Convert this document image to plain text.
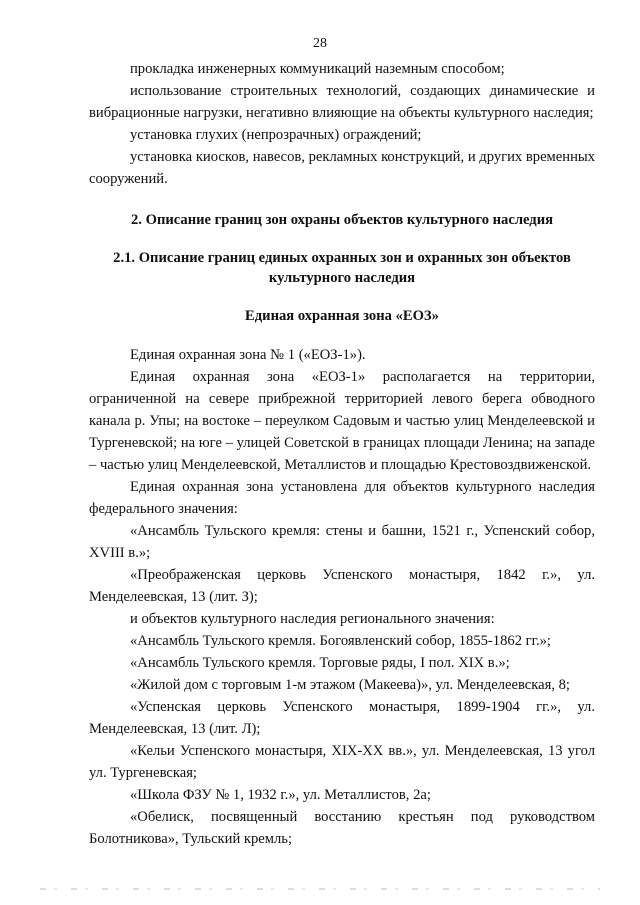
28

прокладка инженерных коммуникаций наземным способом;

использование строительных технологий, создающих динамические и вибрационные нагрузки, негативно влияющие на объекты культурного наследия;

установка глухих (непрозрачных) ограждений;

установка киосков, навесов, рекламных конструкций, и других временных сооружений.

2. Описание границ зон охраны объектов культурного наследия
2.1. Описание границ единых охранных зон и охранных зон объектов культурного наследия
Единая охранная зона «ЕОЗ»

Единая охранная зона № 1 («ЕОЗ-1»).

Единая охранная зона «ЕОЗ-1» располагается на территории, ограниченной на севере прибрежной территорией левого берега обводного канала р. Упы; на востоке – переулком Садовым и частью улиц Менделеевской и Тургеневской; на юге – улицей Советской в границах площади Ленина; на западе – частью улиц Менделеевской, Металлистов и площадью Крестовоздвиженской.

Единая охранная зона установлена для объектов культурного наследия федерального значения:

«Ансамбль Тульского кремля: стены и башни, 1521 г., Успенский собор, XVIII в.»;

«Преображенская церковь Успенского монастыря, 1842 г.», ул. Менделеевская, 13 (лит. З);

и объектов культурного наследия регионального значения:

«Ансамбль Тульского кремля. Богоявленский собор, 1855-1862 гг.»;

«Ансамбль Тульского кремля. Торговые ряды, I пол. XIX в.»;

«Жилой дом с торговым 1-м этажом (Макеева)», ул. Менделеевская, 8;

«Успенская церковь Успенского монастыря, 1899-1904 гг.», ул. Менделеевская, 13 (лит. Л);

«Кельи Успенского монастыря, XIX-XX вв.», ул. Менделеевская, 13 угол ул. Тургеневская;

«Школа ФЗУ № 1, 1932 г.», ул. Металлистов, 2а;

«Обелиск, посвященный восстанию крестьян под руководством Болотникова», Тульский кремль;
